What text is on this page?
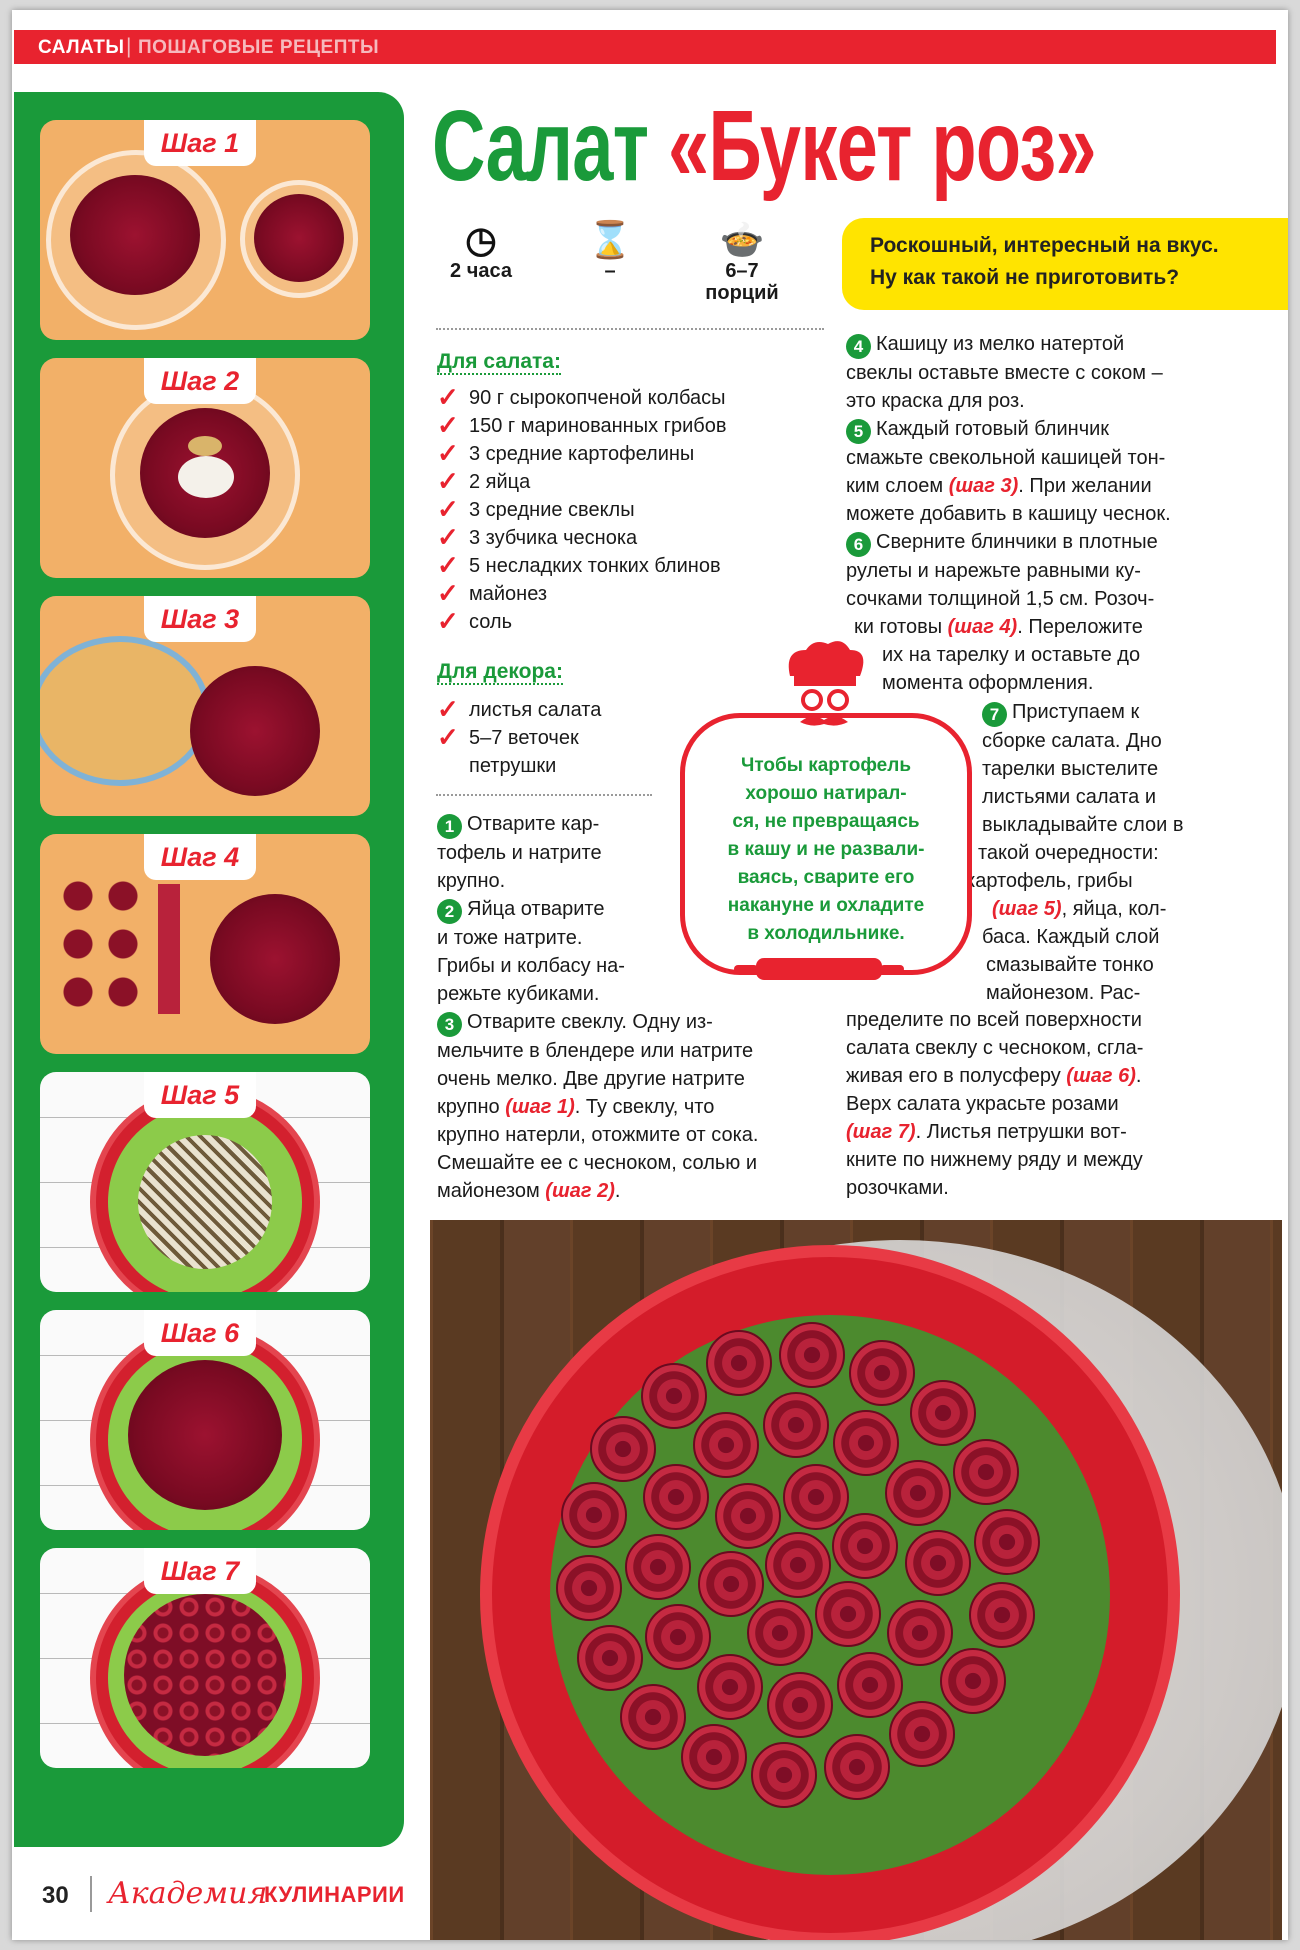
САЛАТЫ | ПОШАГОВЫЕ РЕЦЕПТЫ
Шаг 1
Шаг 2
Шаг 3
Шаг 4
Шаг 5
Шаг 6
Шаг 7
Салат «Букет роз»
◷
2 часа
⌛
–
🍲
6–7
порций
Роскошный, интересный на вкус.
Ну как такой не приготовить?
Для салата:
✓ 90 г сырокопченой колбасы
✓ 150 г маринованных грибов
✓ 3 средние картофелины
✓ 2 яйца
✓ 3 средние свеклы
✓ 3 зубчика чеснока
✓ 5 несладких тонких блинов
✓ майонез
✓ соль
Для декора:
✓ листья салата
✓ 5–7 веточек
петрушки
1 Отварите кар-
тофель и натрите
крупно.
2 Яйца отварите
и тоже натрите.
Грибы и колбасу на-
режьте кубиками.
3 Отварите свеклу. Одну из-
мельчите в блендере или натрите
очень мелко. Две другие натрите
крупно (шаг 1). Ту свеклу, что
крупно натерли, отожмите от сока.
Смешайте ее с чесноком, солью и
майонезом (шаг 2).
4 Кашицу из мелко натертой
свеклы оставьте вместе с соком –
это краска для роз.
5 Каждый готовый блинчик
смажьте свекольной кашицей тон-
ким слоем (шаг 3). При желании
можете добавить в кашицу чеснок.
6 Сверните блинчики в плотные
рулеты и нарежьте равными ку-
сочками толщиной 1,5 см. Розоч-
ки готовы (шаг 4). Переложите
их на тарелку и оставьте до
момента оформления.
7 Приступаем к
сборке салата. Дно
тарелки выстелите
листьями салата и
выкладывайте слои в
такой очередности:
картофель, грибы
(шаг 5), яйца, кол-
баса. Каждый слой
смазывайте тонко
майонезом. Рас-
пределите по всей поверхности
салата свеклу с чесноком, сгла-
живая его в полусферу (шаг 6).
Верх салата украсьте розами
(шаг 7). Листья петрушки вот-
кните по нижнему ряду и между
розочками.
Чтобы картофель
хорошо натирал-
ся, не превращаясь
в кашу и не развали-
ваясь, сварите его
накануне и охладите
в холодильнике.
30 Академия
КУЛИНАРИИ
